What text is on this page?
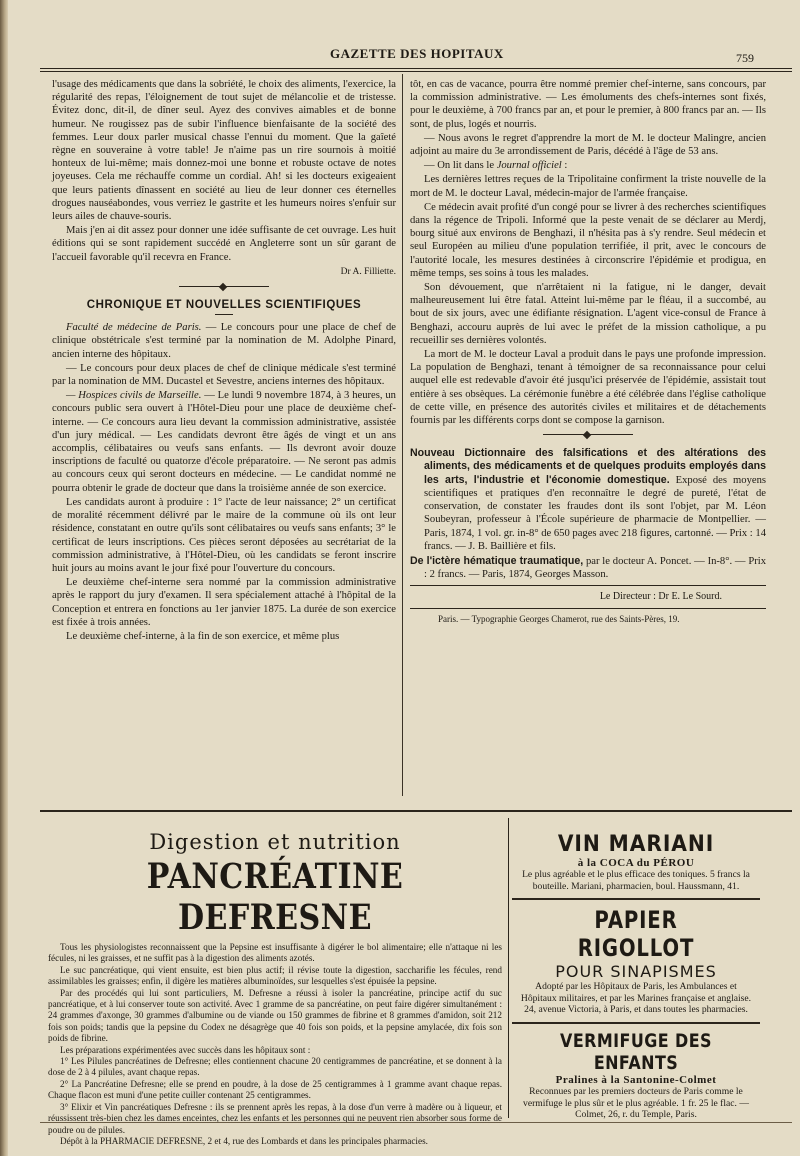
GAZETTE DES HOPITAUX	759

l'usage des médicaments que dans la sobriété, le choix des aliments, l'exercice, la régularité des repas, l'éloignement de tout sujet de mélancolie et de tristesse. Évitez donc, dit-il, de dîner seul. Ayez des convives aimables et de bonne humeur. Ne rougissez pas de subir l'influence bienfaisante de la société des femmes. Leur doux parler musical chasse l'ennui du moment. Que la gaîeté règne en souveraine à votre table! Je n'aime pas un rire sournois à moitié honteux de lui-même; mais donnez-moi une bonne et robuste octave de notes joyeuses. Cela me réchauffe comme un cordial. Ah! si les docteurs exigeaient que leurs patients dînassent en société au lieu de leur donner ces éternelles drogues nauséabondes, vous verriez le gastrite et les humeurs noires s'enfuir sur leurs ailes de chauve-souris.

Mais j'en ai dit assez pour donner une idée suffisante de cet ouvrage. Les huit éditions qui se sont rapidement succédé en Angleterre sont un sûr garant de l'accueil favorable qu'il recevra en France.

Dr A. Filliette.
CHRONIQUE ET NOUVELLES SCIENTIFIQUES

Faculté de médecine de Paris. — Le concours pour une place de chef de clinique obstétricale s'est terminé par la nomination de M. Adolphe Pinard, ancien interne des hôpitaux.

— Le concours pour deux places de chef de clinique médicale s'est terminé par la nomination de MM. Ducastel et Sevestre, anciens internes des hôpitaux.

— Hospices civils de Marseille. — Le lundi 9 novembre 1874, à 3 heures, un concours public sera ouvert à l'Hôtel-Dieu pour une place de deuxième chef-interne. — Ce concours aura lieu devant la commission administrative, assistée d'un jury médical. — Les candidats devront être âgés de vingt et un ans accomplis, célibataires ou veufs sans enfants. — Ils devront avoir douze inscriptions de faculté ou quatorze d'école préparatoire. — Ne seront pas admis au concours ceux qui seront docteurs en médecine. — Le candidat nommé ne pourra obtenir le grade de docteur que dans la troisième année de son exercice.

Les candidats auront à produire : 1° l'acte de leur naissance; 2° un certificat de moralité récemment délivré par le maire de la commune où ils ont leur résidence, constatant en outre qu'ils sont célibataires ou veufs sans enfants; 3° le certificat de leurs inscriptions. Ces pièces seront déposées au secrétariat de la commission administrative, à l'Hôtel-Dieu, où les candidats se feront inscrire huit jours au moins avant le jour fixé pour l'ouverture du concours.

Le deuxième chef-interne sera nommé par la commission administrative après le rapport du jury d'examen. Il sera spécialement attaché à l'hôpital de la Conception et entrera en fonctions au 1er janvier 1875. La durée de son exercice est fixée à trois années.

Le deuxième chef-interne, à la fin de son exercice, et même plus

tôt, en cas de vacance, pourra être nommé premier chef-interne, sans concours, par la commission administrative. — Les émoluments des chefs-internes sont fixés, pour le deuxième, à 700 francs par an, et pour le premier, à 800 francs par an. — Ils sont, de plus, logés et nourris.

— Nous avons le regret d'apprendre la mort de M. le docteur Malingre, ancien adjoint au maire du 3e arrondissement de Paris, décédé à l'âge de 53 ans.

— On lit dans le Journal officiel :

Les dernières lettres reçues de la Tripolitaine confirment la triste nouvelle de la mort de M. le docteur Laval, médecin-major de l'armée française.

Ce médecin avait profité d'un congé pour se livrer à des recherches scientifiques dans la régence de Tripoli. Informé que la peste venait de se déclarer au Merdj, bourg situé aux environs de Benghazi, il n'hésita pas à s'y rendre. Seul médecin et seul Européen au milieu d'une population terrifiée, il prit, avec le concours de l'autorité locale, les mesures destinées à circonscrire l'épidémie et prodigua, en même temps, ses soins à tous les malades.

Son dévouement, que n'arrêtaient ni la fatigue, ni le danger, devait malheureusement lui être fatal. Atteint lui-même par le fléau, il a succombé, au bout de six jours, avec une édifiante résignation. L'agent vice-consul de France à Benghazi, accouru auprès de lui avec le préfet de la mission catholique, a pu recueillir ses dernières volontés.

La mort de M. le docteur Laval a produit dans le pays une profonde impression. La population de Benghazi, tenant à témoigner de sa reconnaissance pour celui auquel elle est redevable d'avoir été jusqu'ici préservée de l'épidémie, assistait tout entière à ses obsèques. La cérémonie funèbre a été célébrée dans l'église catholique de cette ville, en présence des autorités civiles et militaires et de détachements fournis par les différents corps dont se compose la garnison.

Nouveau Dictionnaire des falsifications et des altérations des aliments, des médicaments et de quelques produits employés dans les arts, l'industrie et l'économie domestique. Exposé des moyens scientifiques et pratiques d'en reconnaître le degré de pureté, l'état de conservation, de constater les fraudes dont ils sont l'objet, par M. Léon Soubeyran, professeur à l'École supérieure de pharmacie de Montpellier. — Paris, 1874, 1 vol. gr. in-8° de 650 pages avec 218 figures, cartonné. — Prix : 14 francs. — J. B. Baillière et fils.

De l'ictère hématique traumatique, par le docteur A. Poncet. — In-8°. — Prix : 2 francs. — Paris, 1874, Georges Masson.

Le Directeur : Dr E. Le Sourd.
Paris. — Typographie Georges Chamerot, rue des Saints-Pères, 19.
Digestion et nutrition
PANCRÉATINE DEFRESNE

Tous les physiologistes reconnaissent que la Pepsine est insuffisante à digérer le bol alimentaire; elle n'attaque ni les fécules, ni les graisses, et ne suffit pas à la digestion des aliments azotés.

Le suc pancréatique, qui vient ensuite, est bien plus actif; il révise toute la digestion, saccharifie les fécules, rend assimilables les graisses; enfin, il digère les matières albuminoïdes, sur lesquelles s'est épuisée la pepsine.

Par des procédés qui lui sont particuliers, M. Defresne a réussi à isoler la pancréatine, principe actif du suc pancréatique, et à lui conserver toute son activité. Avec 1 gramme de sa pancréatine, on peut faire digérer simultanément : 24 grammes d'axonge, 30 grammes d'albumine ou de viande ou 150 grammes de fibrine et 8 grammes d'amidon, soit 212 fois son poids; tandis que la pepsine du Codex ne désagrège que 40 fois son poids, et la pepsine amylacée, dix fois son poids de fibrine.

Les préparations expérimentées avec succès dans les hôpitaux sont :

1° Les Pilules pancréatines de Defresne; elles contiennent chacune 20 centigrammes de pancréatine, et se donnent à la dose de 2 à 4 pilules, avant chaque repas.

2° La Pancréatine Defresne; elle se prend en poudre, à la dose de 25 centigrammes à 1 gramme avant chaque repas. Chaque flacon est muni d'une petite cuiller contenant 25 centigrammes.

3° Elixir et Vin pancréatiques Defresne : ils se prennent après les repas, à la dose d'un verre à madère ou à liqueur, et réussissent très-bien chez les dames enceintes, chez les enfants et les personnes qui ne peuvent rien absorber sous forme de poudre ou de pilules.

Dépôt à la PHARMACIE DEFRESNE, 2 et 4, rue des Lombards et dans les principales pharmacies.

VIN MARIANI
à la COCA du PÉROU
Le plus agréable et le plus efficace des toniques. 5 francs la bouteille. Mariani, pharmacien, boul. Haussmann, 41.
PAPIER RIGOLLOT
POUR SINAPISMES
Adopté par les Hôpitaux de Paris, les Ambulances et Hôpitaux militaires, et par les Marines française et anglaise. 24, avenue Victoria, à Paris, et dans toutes les pharmacies.
VERMIFUGE DES ENFANTS
Pralines à la Santonine-Colmet
Reconnues par les premiers docteurs de Paris comme le vermifuge le plus sûr et le plus agréable. 1 fr. 25 le flac. — Colmet, 26, r. du Temple, Paris.
